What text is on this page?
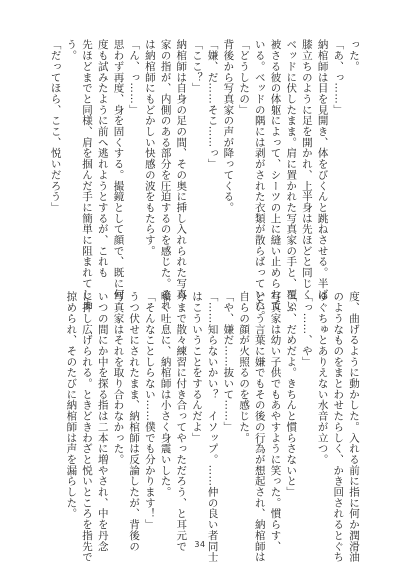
った。
「あ、っ……」
納棺師は目を見開き、体をびくんと跳ねさせる。半ば
膝立ちのように足を開かれ、上半身は先ほどと同じく
ベッドに伏したまま。肩に置かれた写真家の手と、覆い
被さる彼の体躯によって、シーツの上に縫い止められて
いる。ベッドの隅には剥がされた衣類が散らばっていた。
「どうしたの」
背後から写真家の声が降ってくる。
「嫌、だ……そこ……っ」
「ここ？」
納棺師は自身の足の間、その奥に挿し入れられた写真
家の指が、内側のある部分を圧迫するのを感じた。それ
は納棺師にもどかしい快感の波をもたらす。
「ん、っ……」
思わず再度、身を固くする。撮鏡として顔で、既に何
度も試みたように前へ逃れようとするが、これも
先ほどまでと同様、肩を掴んだ手に簡単に阻まれてしま
う。
「だってほら、ここ、悦いだろう」
度、曲げるように動かした。入れる前に指に何か潤滑油
のようなものをまとわせたらしく、かき回されるとぐち
ゆぐちゅとありえない水音が立つ。
「っ……、や」
「ふ、だめだよ。きちんと慣らさないと」
写真家は幼い子供でもあやすように笑った。慣らす、
という言葉に嫌でもその後の行為が想起され、納棺師は
自らの顔が火照るのを感じた。
「や、嫌だ……抜いて……」
「……知らないかい？　イソップ。……仲の良い者同士
はこういうことをするんだよ」
今まで散々練習に付き合ってやっただろう、と耳元で
囁く吐息に、納棺師は小さく身震いした。
「そんなことしらない……僕でも分かります！」
うつ伏せにされたまま、納棺師は反論したが、背後の
写真家はそれを取り合わなかった。
いつの間にか中を探る指は二本に増やされ、中を丹念
に押し広げられる。ときどきわざと悦いところを指先で
掠められ、そのたびに納棺師は声を漏らした。
34
